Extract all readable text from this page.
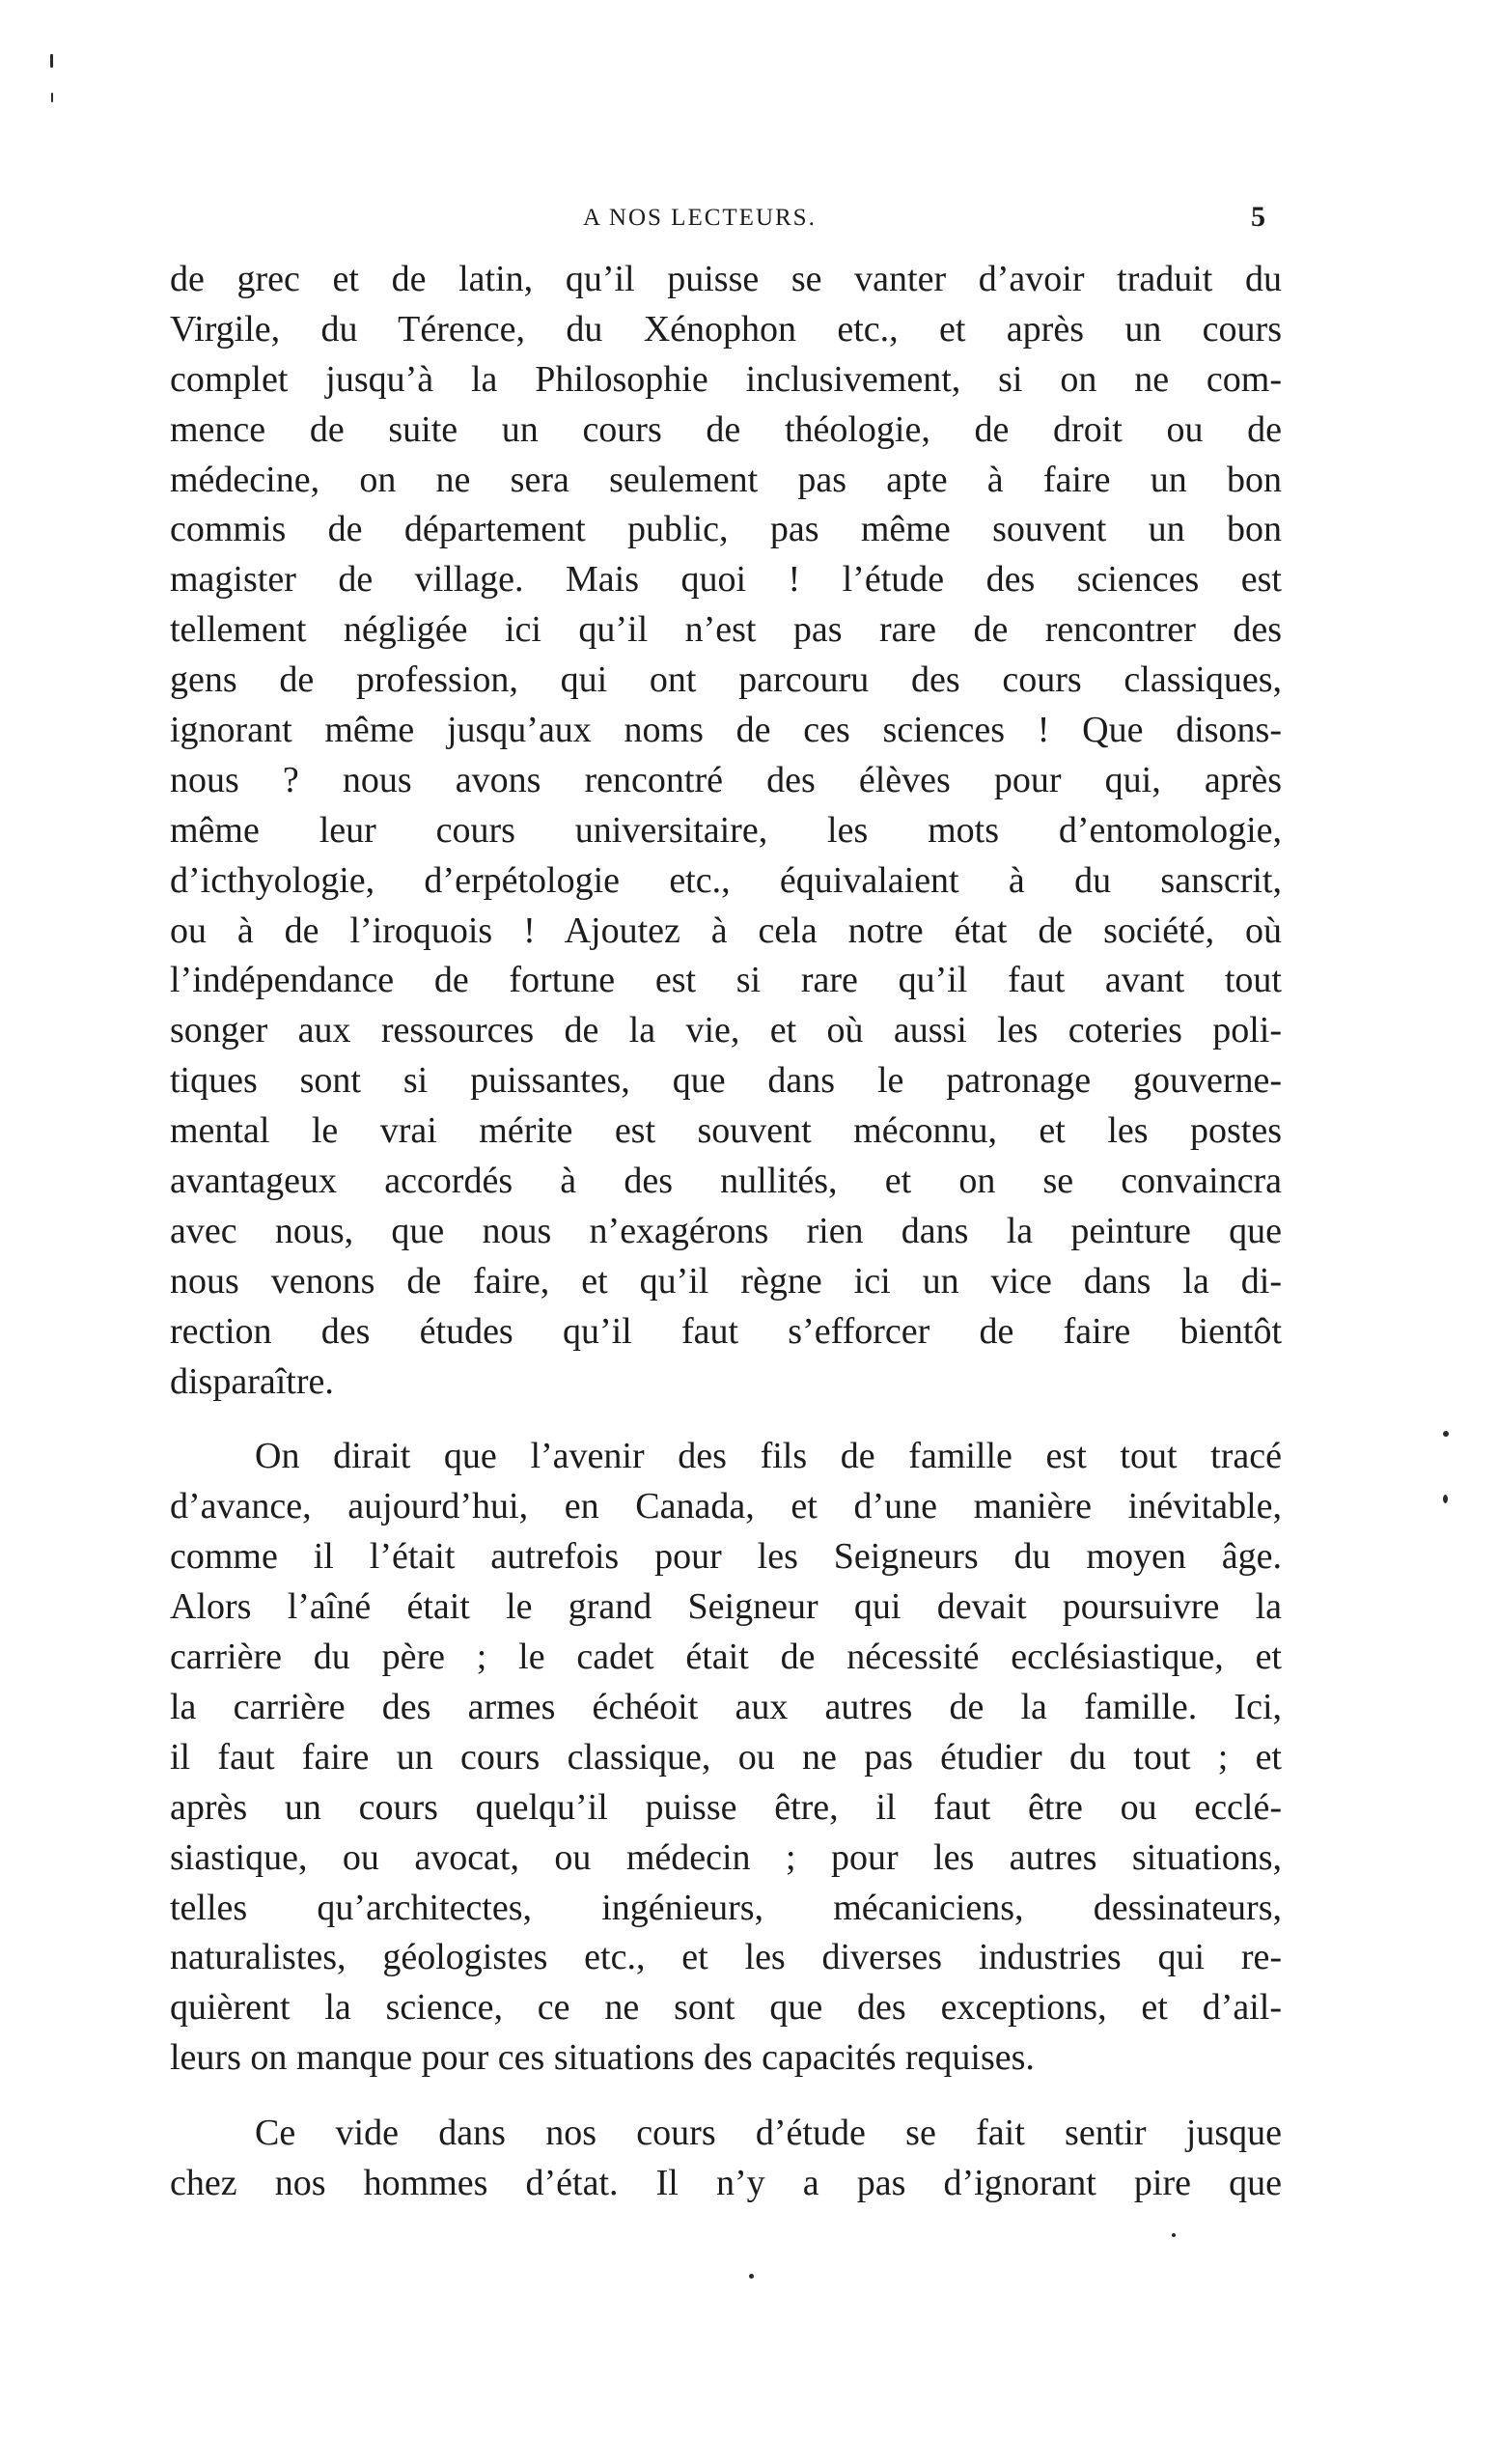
A NOS LECTEURS.	5
de grec et de latin, qu’il puisse se vanter d’avoir traduit du
Virgile, du Térence, du Xénophon etc., et après un cours
complet jusqu’à la Philosophie inclusivement, si on ne com-
mence de suite un cours de théologie, de droit ou de
médecine, on ne sera seulement pas apte à faire un bon
commis de département public, pas même souvent un bon
magister de village. Mais quoi ! l’étude des sciences est
tellement négligée ici qu’il n’est pas rare de rencontrer des
gens de profession, qui ont parcouru des cours classiques,
ignorant même jusqu’aux noms de ces sciences ! Que disons-
nous ? nous avons rencontré des élèves pour qui, après
même leur cours universitaire, les mots d’entomologie,
d’icthyologie, d’erpétologie etc., équivalaient à du sanscrit,
ou à de l’iroquois ! Ajoutez à cela notre état de société, où
l’indépendance de fortune est si rare qu’il faut avant tout
songer aux ressources de la vie, et où aussi les coteries poli-
tiques sont si puissantes, que dans le patronage gouverne-
mental le vrai mérite est souvent méconnu, et les postes
avantageux accordés à des nullités, et on se convaincra
avec nous, que nous n’exagérons rien dans la peinture que
nous venons de faire, et qu’il règne ici un vice dans la di-
rection des études qu’il faut s’efforcer de faire bientôt
disparaître.
On dirait que l’avenir des fils de famille est tout tracé
d’avance, aujourd’hui, en Canada, et d’une manière inévitable,
comme il l’était autrefois pour les Seigneurs du moyen âge.
Alors l’aîné était le grand Seigneur qui devait poursuivre la
carrière du père ; le cadet était de nécessité ecclésiastique, et
la carrière des armes échéoit aux autres de la famille. Ici,
il faut faire un cours classique, ou ne pas étudier du tout ; et
après un cours quelqu’il puisse être, il faut être ou ecclé-
siastique, ou avocat, ou médecin ; pour les autres situations,
telles qu’architectes, ingénieurs, mécaniciens, dessinateurs,
naturalistes, géologistes etc., et les diverses industries qui re-
quièrent la science, ce ne sont que des exceptions, et d’ail-
leurs on manque pour ces situations des capacités requises.
Ce vide dans nos cours d’étude se fait sentir jusque
chez nos hommes d’état. Il n’y a pas d’ignorant pire que
